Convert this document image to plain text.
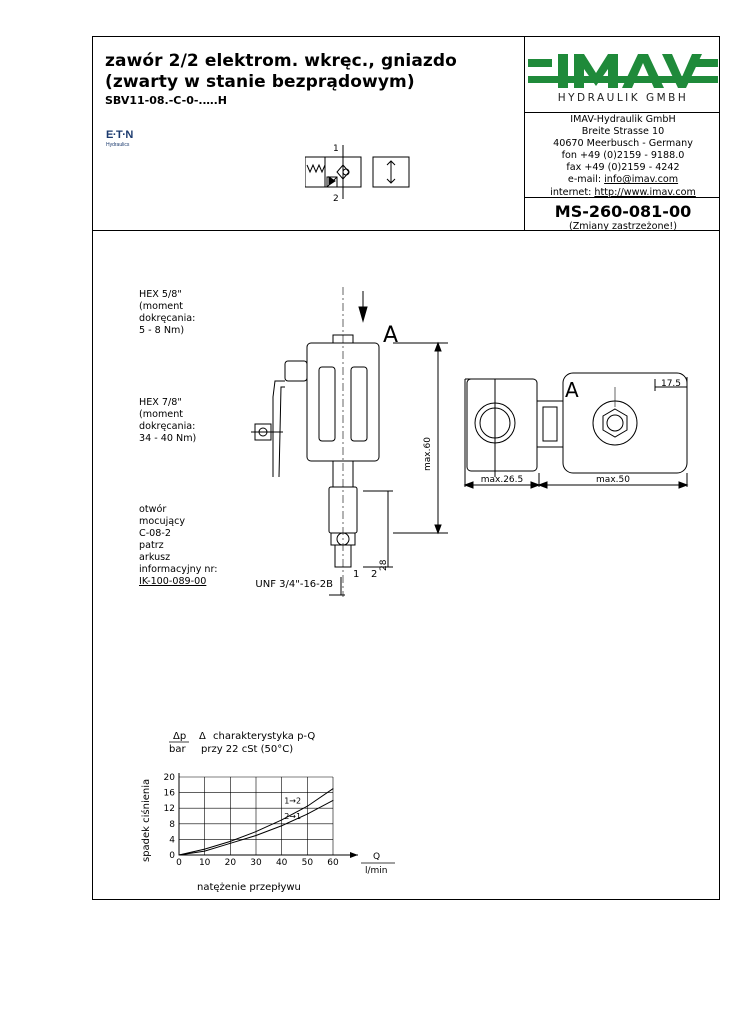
zawór 2/2 elektrom. wkręc., gniazdo
(zwarty w stanie bezprądowym)
SBV11-08.-C-0-.….H
E·T·N
Hydraulics
HYDRAULIK GMBH
IMAV-Hydraulik GmbH
Breite Strasse 10
40670 Meerbusch - Germany
fon +49 (0)2159 - 9188.0
fax +49 (0)2159 - 4242
e-mail: info@imav.com
internet: http://www.imav.com
MS-260-081-00
(Zmiany zastrzeżone!)
1
2
HEX 5/8"
(moment
dokręcania:
5 - 8 Nm)
HEX 7/8"
(moment
dokręcania:
34 - 40 Nm)
otwór
mocujący
C-08-2
patrz
arkusz
informacyjny nr:
IK-100-089-00
A
max.60
28
2
1
UNF 3/4"-16-2B
A	17.5
max.26.5	max.50
Δp
bar
Δ charakterystyka p-Q
przy 22 cSt (50°C)
spadek ciśnienia
natężenie przepływu
Q
l/min
0 10 20 30 40 50 60
0
4
8
12
16
20
1→2
2→1
